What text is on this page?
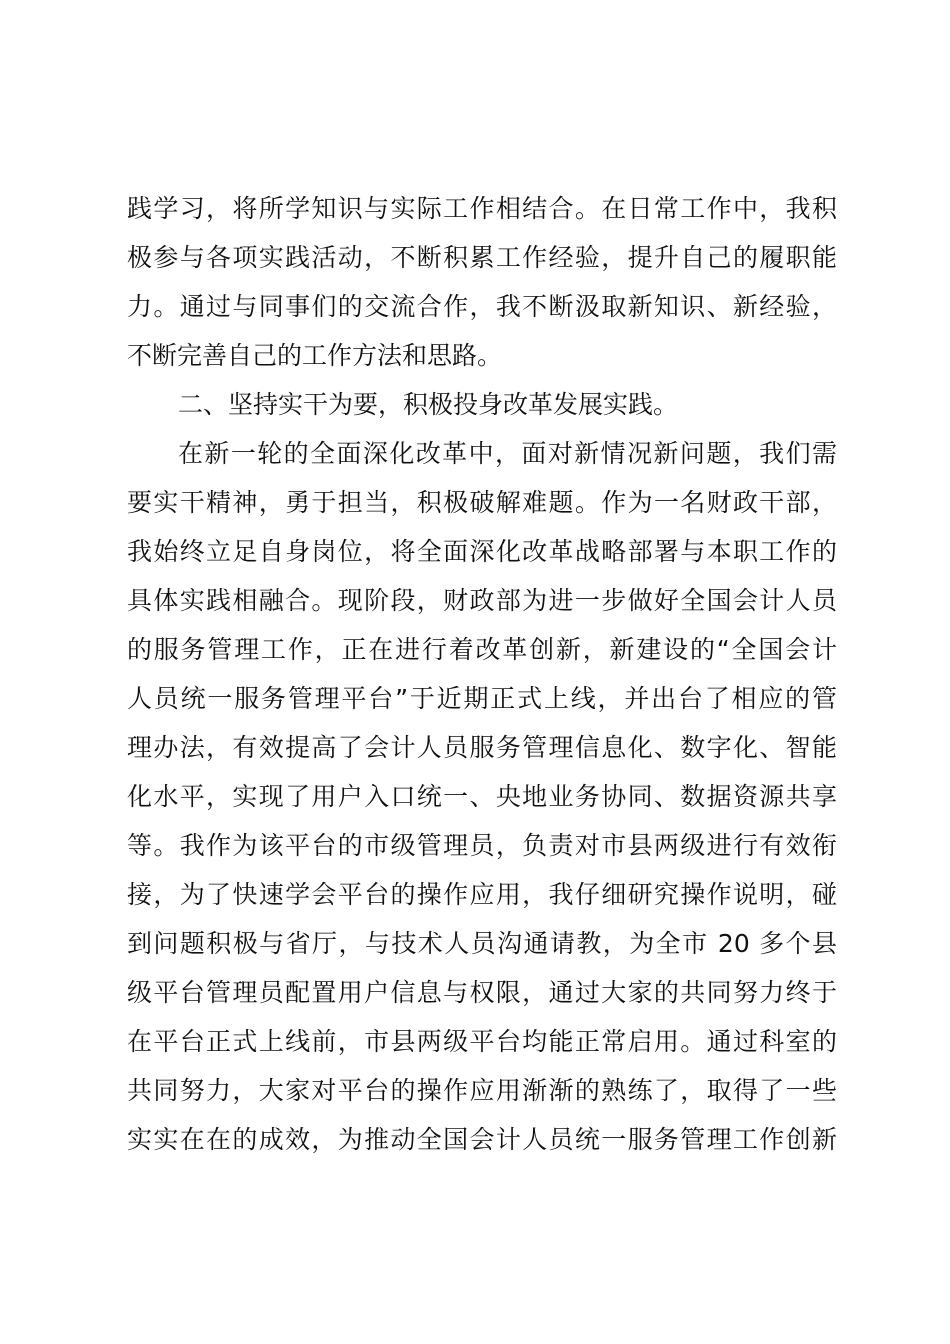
践学习，将所学知识与实际工作相结合。在日常工作中，我积
极参与各项实践活动，不断积累工作经验，提升自己的履职能
力。通过与同事们的交流合作，我不断汲取新知识、新经验，
不断完善自己的工作方法和思路。
二、坚持实干为要，积极投身改革发展实践。
在新一轮的全面深化改革中，面对新情况新问题，我们需
要实干精神，勇于担当，积极破解难题。作为一名财政干部，
我始终立足自身岗位，将全面深化改革战略部署与本职工作的
具体实践相融合。现阶段，财政部为进一步做好全国会计人员
的服务管理工作，正在进行着改革创新，新建设的“全国会计
人员统一服务管理平台”于近期正式上线，并出台了相应的管
理办法，有效提高了会计人员服务管理信息化、数字化、智能
化水平，实现了用户入口统一、央地业务协同、数据资源共享
等。我作为该平台的市级管理员，负责对市县两级进行有效衔
接，为了快速学会平台的操作应用，我仔细研究操作说明，碰
到问题积极与省厅，与技术人员沟通请教，为全市 20 多个县
级平台管理员配置用户信息与权限，通过大家的共同努力终于
在平台正式上线前，市县两级平台均能正常启用。通过科室的
共同努力，大家对平台的操作应用渐渐的熟练了，取得了一些
实实在在的成效，为推动全国会计人员统一服务管理工作创新
